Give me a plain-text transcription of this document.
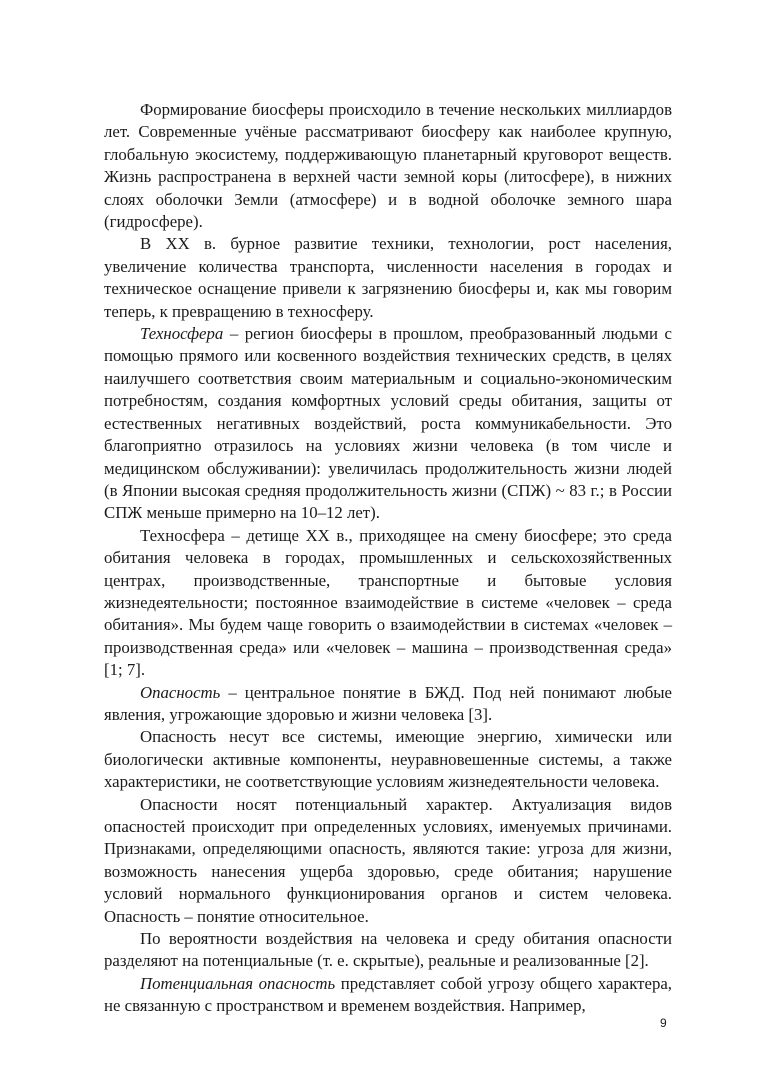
Формирование биосферы происходило в течение нескольких миллиардов лет. Современные учёные рассматривают биосферу как наиболее крупную, глобальную экосистему, поддерживающую планетарный круговорот веществ. Жизнь распространена в верхней части земной коры (литосфере), в нижних слоях оболочки Земли (атмосфере) и в водной оболочке земного шара (гидросфере).

В XX в. бурное развитие техники, технологии, рост населения, увеличение количества транспорта, численности населения в городах и техническое оснащение привели к загрязнению биосферы и, как мы говорим теперь, к превращению в техносферу.

Техносфера – регион биосферы в прошлом, преобразованный людьми с помощью прямого или косвенного воздействия технических средств, в целях наилучшего соответствия своим материальным и социально-экономическим потребностям, создания комфортных условий среды обитания, защиты от естественных негативных воздействий, роста коммуникабельности. Это благоприятно отразилось на условиях жизни человека (в том числе и медицинском обслуживании): увеличилась продолжительность жизни людей (в Японии высокая средняя продолжительность жизни (СПЖ) ~ 83 г.; в России СПЖ меньше примерно на 10–12 лет).

Техносфера – детище XX в., приходящее на смену биосфере; это среда обитания человека в городах, промышленных и сельскохозяйственных центрах, производственные, транспортные и бытовые условия жизнедеятельности; постоянное взаимодействие в системе «человек – среда обитания». Мы будем чаще говорить о взаимодействии в системах «человек – производственная среда» или «человек – машина – производственная среда» [1; 7].

Опасность – центральное понятие в БЖД. Под ней понимают любые явления, угрожающие здоровью и жизни человека [3].

Опасность несут все системы, имеющие энергию, химически или биологически активные компоненты, неуравновешенные системы, а также характеристики, не соответствующие условиям жизнедеятельности человека.

Опасности носят потенциальный характер. Актуализация видов опасностей происходит при определенных условиях, именуемых причинами. Признаками, определяющими опасность, являются такие: угроза для жизни, возможность нанесения ущерба здоровью, среде обитания; нарушение условий нормального функционирования органов и систем человека. Опасность – понятие относительное.

По вероятности воздействия на человека и среду обитания опасности разделяют на потенциальные (т. е. скрытые), реальные и реализованные [2].

Потенциальная опасность представляет собой угрозу общего характера, не связанную с пространством и временем воздействия. Например,

9
